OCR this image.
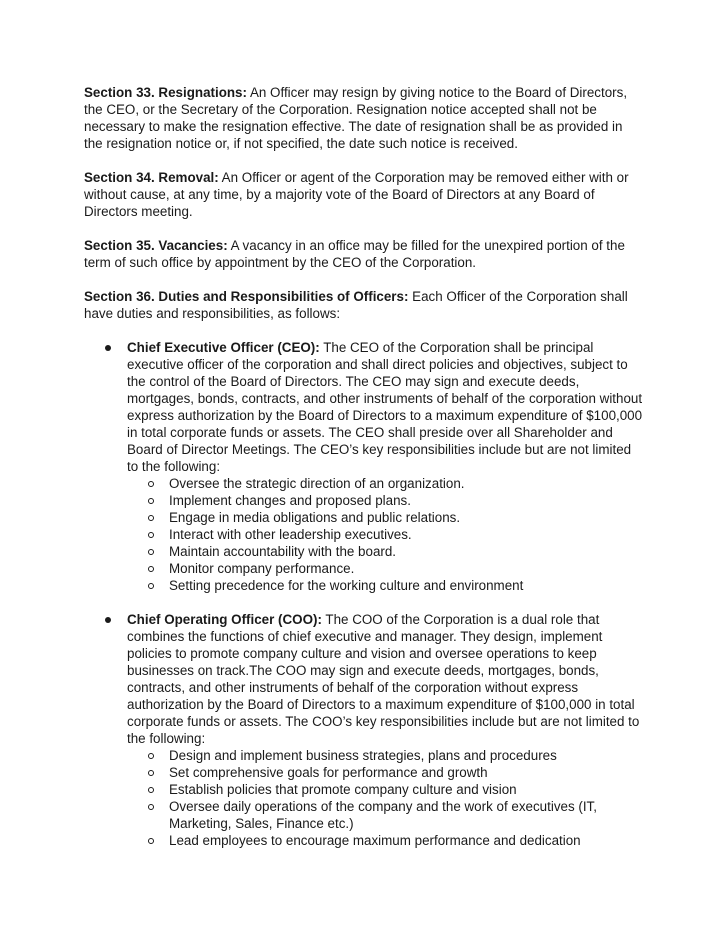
Section 33. Resignations: An Officer may resign by giving notice to the Board of Directors, the CEO, or the Secretary of the Corporation. Resignation notice accepted shall not be necessary to make the resignation effective. The date of resignation shall be as provided in the resignation notice or, if not specified, the date such notice is received.

Section 34. Removal: An Officer or agent of the Corporation may be removed either with or without cause, at any time, by a majority vote of the Board of Directors at any Board of Directors meeting.

Section 35. Vacancies: A vacancy in an office may be filled for the unexpired portion of the term of such office by appointment by the CEO of the Corporation.

Section 36. Duties and Responsibilities of Officers: Each Officer of the Corporation shall have duties and responsibilities, as follows:

Chief Executive Officer (CEO): The CEO of the Corporation shall be principal executive officer of the corporation and shall direct policies and objectives, subject to the control of the Board of Directors. The CEO may sign and execute deeds, mortgages, bonds, contracts, and other instruments of behalf of the corporation without express authorization by the Board of Directors to a maximum expenditure of $100,000 in total corporate funds or assets. The CEO shall preside over all Shareholder and Board of Director Meetings. The CEO’s key responsibilities include but are not limited to the following:
Oversee the strategic direction of an organization.
Implement changes and proposed plans.
Engage in media obligations and public relations.
Interact with other leadership executives.
Maintain accountability with the board.
Monitor company performance.
Setting precedence for the working culture and environment
Chief Operating Officer (COO): The COO of the Corporation is a dual role that combines the functions of chief executive and manager. They design, implement policies to promote company culture and vision and oversee operations to keep businesses on track.The COO may sign and execute deeds, mortgages, bonds, contracts, and other instruments of behalf of the corporation without express authorization by the Board of Directors to a maximum expenditure of $100,000 in total corporate funds or assets. The COO’s key responsibilities include but are not limited to the following:
Design and implement business strategies, plans and procedures
Set comprehensive goals for performance and growth
Establish policies that promote company culture and vision
Oversee daily operations of the company and the work of executives (IT, Marketing, Sales, Finance etc.)
Lead employees to encourage maximum performance and dedication
